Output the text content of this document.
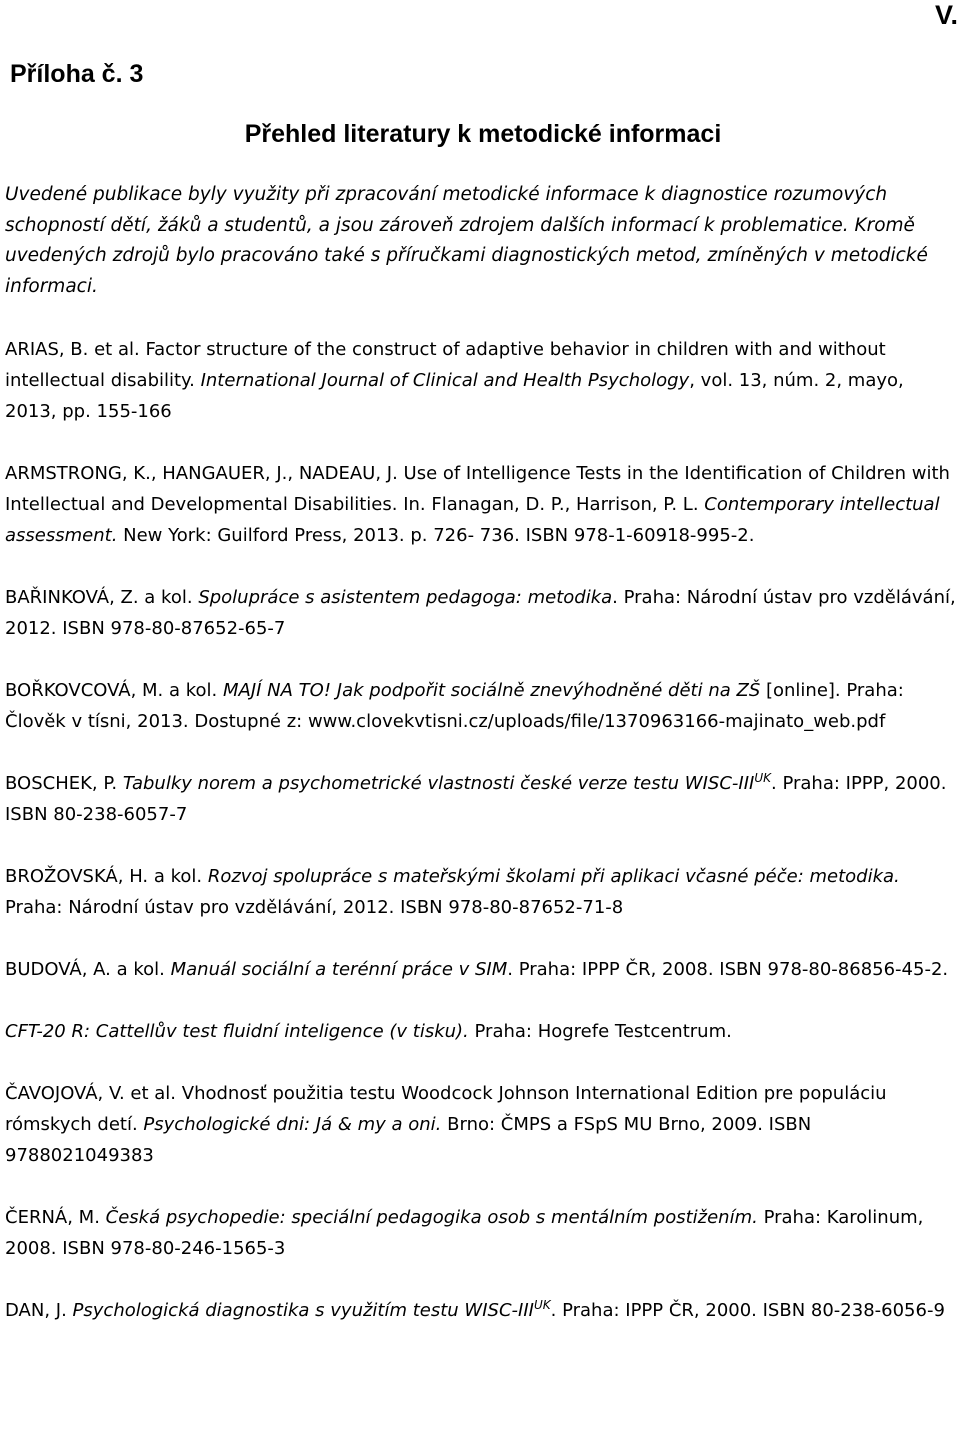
V.
Příloha č. 3
Přehled literatury k metodické informaci
Uvedené publikace byly využity při zpracování metodické informace k diagnostice rozumových schopností dětí, žáků a studentů, a jsou zároveň zdrojem dalších informací k problematice. Kromě uvedených zdrojů bylo pracováno také s příručkami diagnostických metod, zmíněných v metodické informaci.

ARIAS, B. et al. Factor structure of the construct of adaptive behavior in children with and without intellectual disability. International Journal of Clinical and Health Psychology, vol. 13, núm. 2, mayo, 2013, pp. 155-166

ARMSTRONG, K., HANGAUER, J., NADEAU, J. Use of Intelligence Tests in the Identification of Children with Intellectual and Developmental Disabilities. In. Flanagan, D. P., Harrison, P. L. Contemporary intellectual assessment. New York: Guilford Press, 2013. p. 726- 736. ISBN 978-1-60918-995-2.

BAŘINKOVÁ, Z. a kol. Spolupráce s asistentem pedagoga: metodika. Praha: Národní ústav pro vzdělávání, 2012. ISBN 978-80-87652-65-7

BOŘKOVCOVÁ, M. a kol. MAJÍ NA TO! Jak podpořit sociálně znevýhodněné děti na ZŠ [online]. Praha: Člověk v tísni, 2013. Dostupné z: www.clovekvtisni.cz/uploads/file/1370963166-majinato_web.pdf

BOSCHEK, P. Tabulky norem a psychometrické vlastnosti české verze testu WISC-$III^{UK}$. Praha: IPPP, 2000. ISBN 80-238-6057-7

BROŽOVSKÁ, H. a kol. Rozvoj spolupráce s mateřskými školami při aplikaci včasné péče: metodika. Praha: Národní ústav pro vzdělávání, 2012. ISBN 978-80-87652-71-8

BUDOVÁ, A. a kol. Manuál sociální a terénní práce v SIM. Praha: IPPP ČR, 2008. ISBN 978-80-86856-45-2.

CFT-20 R: Cattellův test fluidní inteligence (v tisku). Praha: Hogrefe Testcentrum.

ČAVOJOVÁ, V. et al. Vhodnosť použitia testu Woodcock Johnson International Edition pre populáciu rómskych detí. Psychologické dni: Já & my a oni. Brno: ČMPS a FSpS MU Brno, 2009. ISBN 9788021049383

ČERNÁ, M. Česká psychopedie: speciální pedagogika osob s mentálním postižením. Praha: Karolinum, 2008. ISBN 978-80-246-1565-3

DAN, J. Psychologická diagnostika s využitím testu WISC-$III^{UK}$. Praha: IPPP ČR, 2000. ISBN 80-238-6056-9
